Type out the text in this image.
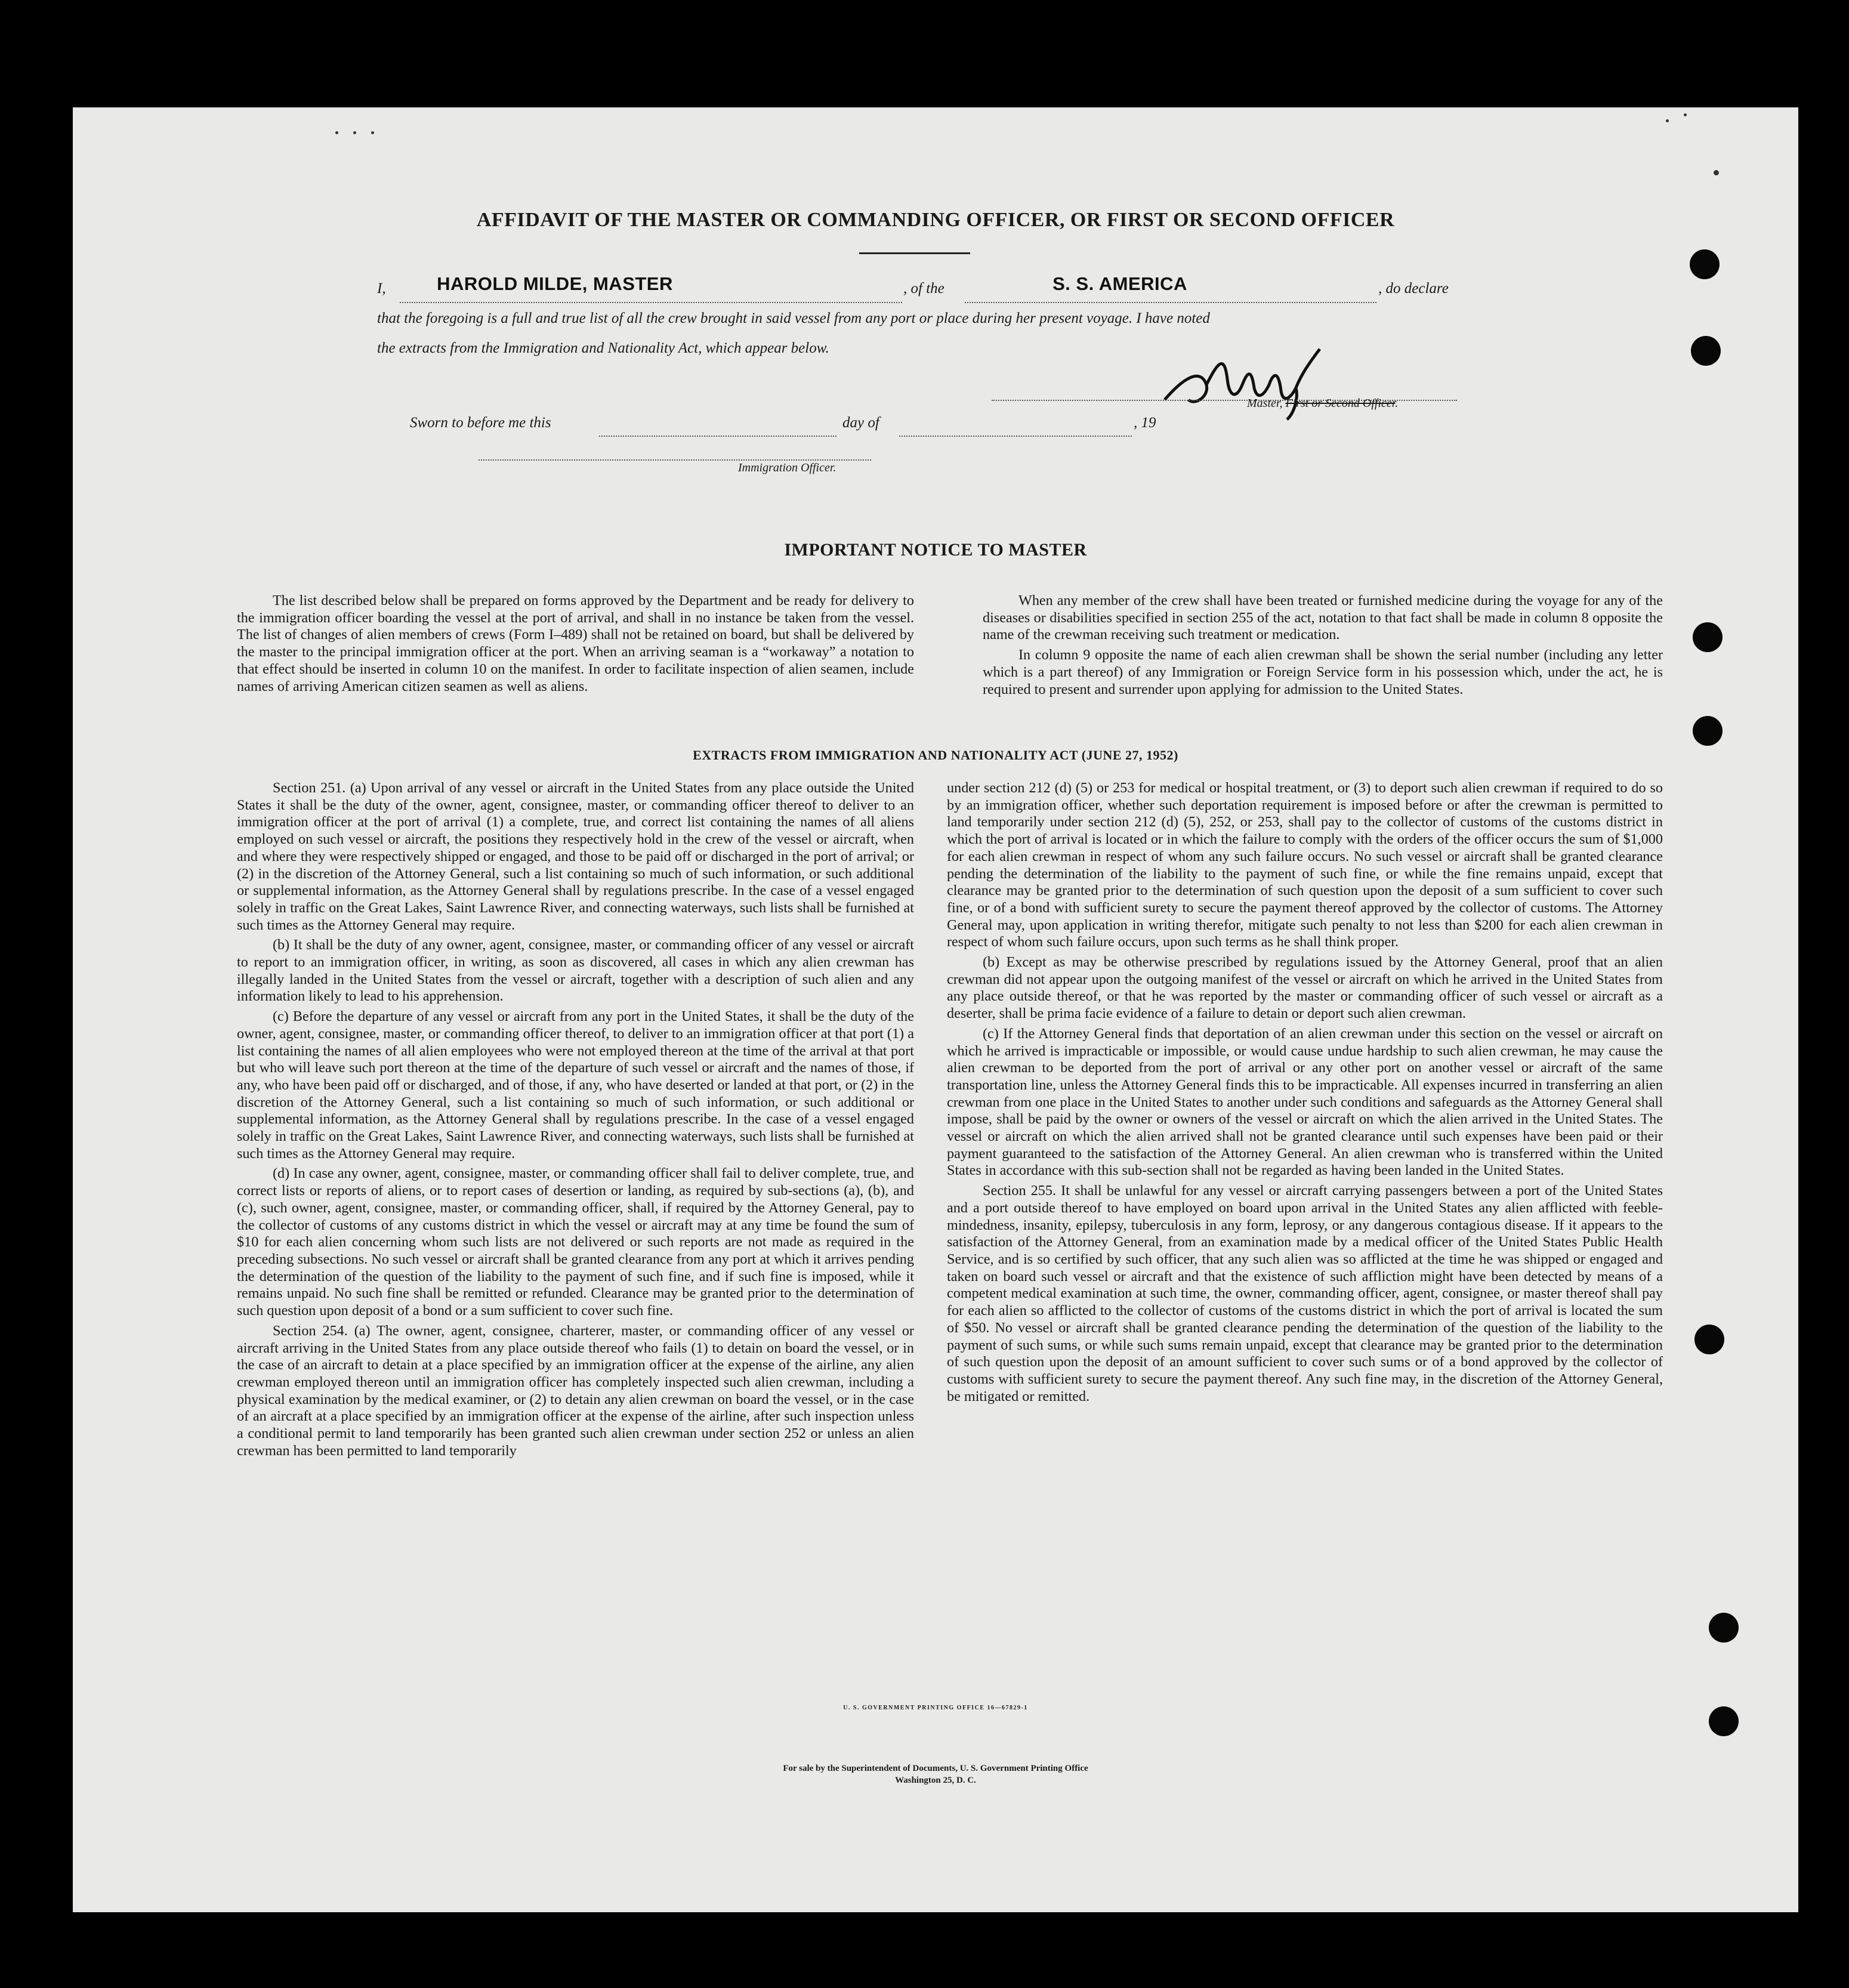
AFFIDAVIT OF THE MASTER OR COMMANDING OFFICER, OR FIRST OR SECOND OFFICER
I,	HAROLD MILDE, MASTER	, of the	S. S. AMERICA	, do declare
that the foregoing is a full and true list of all the crew brought in said vessel from any port or place during her present voyage. I have noted
the extracts from the Immigration and Nationality Act, which appear below.
Master, First or Second Officer.
Sworn to before me this	day of	, 19
Immigration Officer.
IMPORTANT NOTICE TO MASTER

The list described below shall be prepared on forms approved by the Department and be ready for delivery to the immigration officer boarding the vessel at the port of arrival, and shall in no instance be taken from the vessel. The list of changes of alien members of crews (Form I–489) shall not be retained on board, but shall be delivered by the master to the principal immigration officer at the port. When an arriving seaman is a “workaway” a notation to that effect should be inserted in column 10 on the manifest. In order to facilitate inspection of alien seamen, include names of arriving American citizen seamen as well as aliens.

When any member of the crew shall have been treated or furnished medicine during the voyage for any of the diseases or disabilities specified in section 255 of the act, notation to that fact shall be made in column 8 opposite the name of the crewman receiving such treatment or medication.

In column 9 opposite the name of each alien crewman shall be shown the serial number (including any letter which is a part thereof) of any Immigration or Foreign Service form in his possession which, under the act, he is required to present and surrender upon applying for admission to the United States.

EXTRACTS FROM IMMIGRATION AND NATIONALITY ACT (JUNE 27, 1952)

Section 251. (a) Upon arrival of any vessel or aircraft in the United States from any place outside the United States it shall be the duty of the owner, agent, consignee, master, or commanding officer thereof to deliver to an immigration officer at the port of arrival (1) a complete, true, and correct list containing the names of all aliens employed on such vessel or aircraft, the positions they respectively hold in the crew of the vessel or aircraft, when and where they were respectively shipped or engaged, and those to be paid off or discharged in the port of arrival; or (2) in the discretion of the Attorney General, such a list containing so much of such information, or such additional or supplemental information, as the Attorney General shall by regulations prescribe. In the case of a vessel engaged solely in traffic on the Great Lakes, Saint Lawrence River, and connecting waterways, such lists shall be furnished at such times as the Attorney General may require.

(b) It shall be the duty of any owner, agent, consignee, master, or commanding officer of any vessel or aircraft to report to an immigration officer, in writing, as soon as discovered, all cases in which any alien crewman has illegally landed in the United States from the vessel or aircraft, together with a description of such alien and any information likely to lead to his apprehension.

(c) Before the departure of any vessel or aircraft from any port in the United States, it shall be the duty of the owner, agent, consignee, master, or commanding officer thereof, to deliver to an immigration officer at that port (1) a list containing the names of all alien employees who were not employed thereon at the time of the arrival at that port but who will leave such port thereon at the time of the departure of such vessel or aircraft and the names of those, if any, who have been paid off or discharged, and of those, if any, who have deserted or landed at that port, or (2) in the discretion of the Attorney General, such a list containing so much of such information, or such additional or supplemental information, as the Attorney General shall by regulations prescribe. In the case of a vessel engaged solely in traffic on the Great Lakes, Saint Lawrence River, and connecting waterways, such lists shall be furnished at such times as the Attorney General may require.

(d) In case any owner, agent, consignee, master, or commanding officer shall fail to deliver complete, true, and correct lists or reports of aliens, or to report cases of desertion or landing, as required by sub-sections (a), (b), and (c), such owner, agent, consignee, master, or commanding officer, shall, if required by the Attorney General, pay to the collector of customs of any customs district in which the vessel or aircraft may at any time be found the sum of $10 for each alien concerning whom such lists are not delivered or such reports are not made as required in the preceding subsections. No such vessel or aircraft shall be granted clearance from any port at which it arrives pending the determination of the question of the liability to the payment of such fine, and if such fine is imposed, while it remains unpaid. No such fine shall be remitted or refunded. Clearance may be granted prior to the determination of such question upon deposit of a bond or a sum sufficient to cover such fine.

Section 254. (a) The owner, agent, consignee, charterer, master, or commanding officer of any vessel or aircraft arriving in the United States from any place outside thereof who fails (1) to detain on board the vessel, or in the case of an aircraft to detain at a place specified by an immigration officer at the expense of the airline, any alien crewman employed thereon until an immigration officer has completely inspected such alien crewman, including a physical examination by the medical examiner, or (2) to detain any alien crewman on board the vessel, or in the case of an aircraft at a place specified by an immigration officer at the expense of the airline, after such inspection unless a conditional permit to land temporarily has been granted such alien crewman under section 252 or unless an alien crewman has been permitted to land temporarily

under section 212 (d) (5) or 253 for medical or hospital treatment, or (3) to deport such alien crewman if required to do so by an immigration officer, whether such deportation requirement is imposed before or after the crewman is permitted to land temporarily under section 212 (d) (5), 252, or 253, shall pay to the collector of customs of the customs district in which the port of arrival is located or in which the failure to comply with the orders of the officer occurs the sum of $1,000 for each alien crewman in respect of whom any such failure occurs. No such vessel or aircraft shall be granted clearance pending the determination of the liability to the payment of such fine, or while the fine remains unpaid, except that clearance may be granted prior to the determination of such question upon the deposit of a sum sufficient to cover such fine, or of a bond with sufficient surety to secure the payment thereof approved by the collector of customs. The Attorney General may, upon application in writing therefor, mitigate such penalty to not less than $200 for each alien crewman in respect of whom such failure occurs, upon such terms as he shall think proper.

(b) Except as may be otherwise prescribed by regulations issued by the Attorney General, proof that an alien crewman did not appear upon the outgoing manifest of the vessel or aircraft on which he arrived in the United States from any place outside thereof, or that he was reported by the master or commanding officer of such vessel or aircraft as a deserter, shall be prima facie evidence of a failure to detain or deport such alien crewman.

(c) If the Attorney General finds that deportation of an alien crewman under this section on the vessel or aircraft on which he arrived is impracticable or impossible, or would cause undue hardship to such alien crewman, he may cause the alien crewman to be deported from the port of arrival or any other port on another vessel or aircraft of the same transportation line, unless the Attorney General finds this to be impracticable. All expenses incurred in transferring an alien crewman from one place in the United States to another under such conditions and safeguards as the Attorney General shall impose, shall be paid by the owner or owners of the vessel or aircraft on which the alien arrived in the United States. The vessel or aircraft on which the alien arrived shall not be granted clearance until such expenses have been paid or their payment guaranteed to the satisfaction of the Attorney General. An alien crewman who is transferred within the United States in accordance with this sub-section shall not be regarded as having been landed in the United States.

Section 255. It shall be unlawful for any vessel or aircraft carrying passengers between a port of the United States and a port outside thereof to have employed on board upon arrival in the United States any alien afflicted with feeble-mindedness, insanity, epilepsy, tuberculosis in any form, leprosy, or any dangerous contagious disease. If it appears to the satisfaction of the Attorney General, from an examination made by a medical officer of the United States Public Health Service, and is so certified by such officer, that any such alien was so afflicted at the time he was shipped or engaged and taken on board such vessel or aircraft and that the existence of such affliction might have been detected by means of a competent medical examination at such time, the owner, commanding officer, agent, consignee, or master thereof shall pay for each alien so afflicted to the collector of customs of the customs district in which the port of arrival is located the sum of $50. No vessel or aircraft shall be granted clearance pending the determination of the question of the liability to the payment of such sums, or while such sums remain unpaid, except that clearance may be granted prior to the determination of such question upon the deposit of an amount sufficient to cover such sums or of a bond approved by the collector of customs with sufficient surety to secure the payment thereof. Any such fine may, in the discretion of the Attorney General, be mitigated or remitted.

U. S. GOVERNMENT PRINTING OFFICE 16—67829-1
For sale by the Superintendent of Documents, U. S. Government Printing Office
Washington 25, D. C.
